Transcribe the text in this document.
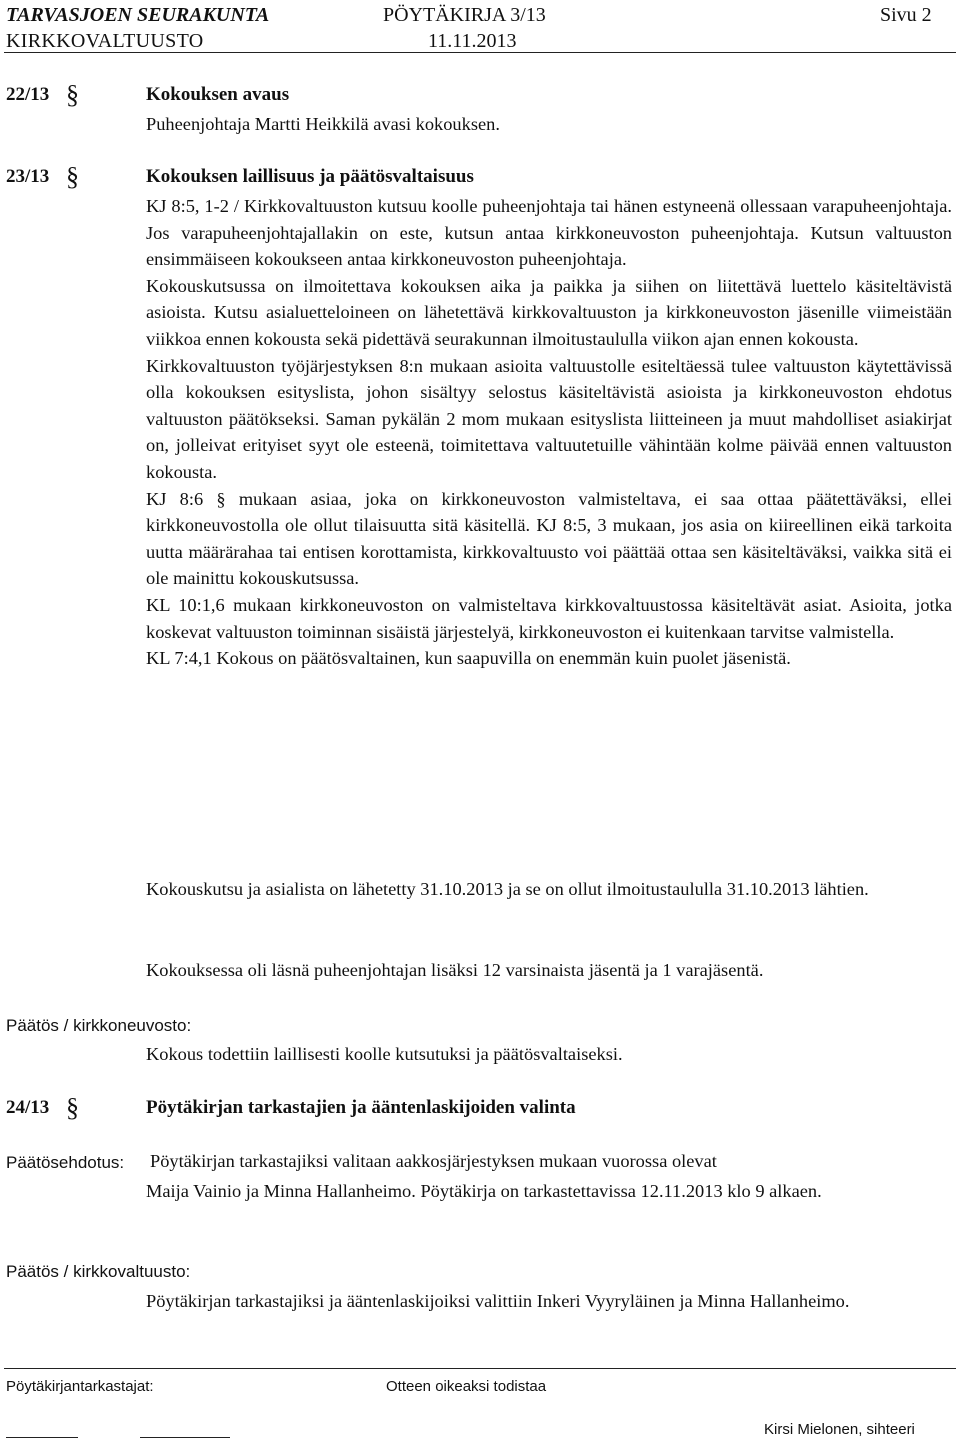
TARVASJOEN SEURAKUNTA	PÖYTÄKIRJA 3/13	Sivu 2
KIRKKOVALTUUSTO	11.11.2013
22/13 §	Kokouksen avaus

Puheenjohtaja Martti Heikkilä avasi kokouksen.

23/13 §	Kokouksen laillisuus ja päätösvaltaisuus

KJ 8:5, 1-2 / Kirkkovaltuuston kutsuu koolle puheenjohtaja tai hänen estyneenä ollessaan varapuheenjohtaja. Jos varapuheenjohtajallakin on este, kutsun antaa kirkkoneuvoston puheenjohtaja. Kutsun valtuuston ensimmäiseen kokoukseen antaa kirkkoneuvoston puheenjohtaja.

Kokouskutsussa on ilmoitettava kokouksen aika ja paikka ja siihen on liitettävä luettelo käsiteltävistä asioista. Kutsu asialuetteloineen on lähetettävä kirkkovaltuuston ja kirkkoneuvoston jäsenille viimeistään viikkoa ennen kokousta sekä pidettävä seurakunnan ilmoitustaululla viikon ajan ennen kokousta.

Kirkkovaltuuston työjärjestyksen 8:n mukaan asioita valtuustolle esiteltäessä tulee valtuuston käytettävissä olla kokouksen esityslista, johon sisältyy selostus käsiteltävistä asioista ja kirkkoneuvoston ehdotus valtuuston päätökseksi. Saman pykälän 2 mom mukaan esityslista liitteineen ja muut mahdolliset asiakirjat on, jolleivat erityiset syyt ole esteenä, toimitettava valtuutetuille vähintään kolme päivää ennen valtuuston kokousta.

KJ 8:6 § mukaan asiaa, joka on kirkkoneuvoston valmisteltava, ei saa ottaa päätettäväksi, ellei kirkkoneuvostolla ole ollut tilaisuutta sitä käsitellä. KJ 8:5, 3 mukaan, jos asia on kiireellinen eikä tarkoita uutta määrärahaa tai entisen korottamista, kirkkovaltuusto voi päättää ottaa sen käsiteltäväksi, vaikka sitä ei ole mainittu kokouskutsussa.

KL 10:1,6 mukaan kirkkoneuvoston on valmisteltava kirkkovaltuustossa käsiteltävät asiat. Asioita, jotka koskevat valtuuston toiminnan sisäistä järjestelyä, kirkkoneuvoston ei kuitenkaan tarvitse valmistella.

KL 7:4,1 Kokous on päätösvaltainen, kun saapuvilla on enemmän kuin puolet jäsenistä.

Kokouskutsu ja asialista on lähetetty 31.10.2013 ja se on ollut ilmoitustaululla 31.10.2013 lähtien.

Kokouksessa oli läsnä puheenjohtajan lisäksi 12 varsinaista jäsentä ja 1 varajäsentä.

Päätös / kirkkoneuvosto:

Kokous todettiin laillisesti koolle kutsutuksi ja päätösvaltaiseksi.

24/13 §	Pöytäkirjan tarkastajien ja ääntenlaskijoiden valinta
Päätösehdotus: Pöytäkirjan tarkastajiksi valitaan aakkosjärjestyksen mukaan vuorossa olevat

Maija Vainio ja Minna Hallanheimo. Pöytäkirja on tarkastettavissa 12.11.2013 klo 9 alkaen.

Päätös / kirkkovaltuusto:

Pöytäkirjan tarkastajiksi ja ääntenlaskijoiksi valittiin Inkeri Vyyryläinen ja Minna Hallanheimo.

Pöytäkirjantarkastajat:	Otteen oikeaksi todistaa
Kirsi Mielonen, sihteeri
